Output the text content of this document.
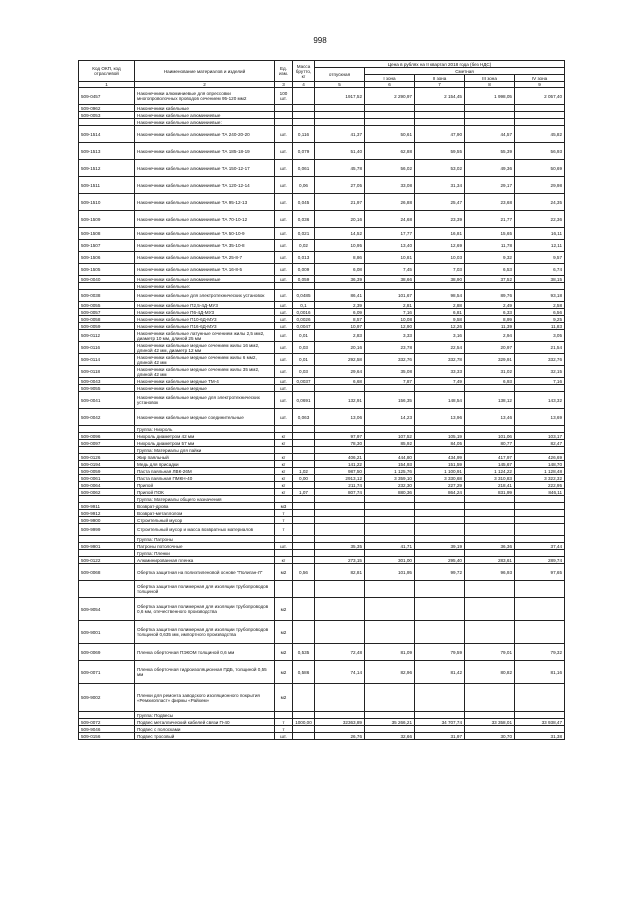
998
Код ОКП, код отраслевой	Наименование материалов и изделий	Ед. изм.	Масса брутто, кг	Цена в рублях на II квартал 2018 года (без НДС)				
				отпускная	Сметная			
					I зона	II зона	III зона	IV зона
1	2	3	4	5	6	7	8	9
509-0457	Наконечники алюминиевые для опрессовки многопроволочных проводов сечением 95-120 мм2	100 шт.		1917,52	2 290,97	2 154,45	1 998,05	2 057,40
509-0962	Наконечники кабельные							
509-0053	Наконечники кабельные алюминиевые							
	Наконечники кабельные алюминиевые:							
509-1514	Наконечники кабельные алюминиевые ТА 240-20-20	шт.	0,116	41,37	50,61	47,90	44,57	45,82
509-1513	Наконечники кабельные алюминиевые ТА 185-18-19	шт.	0,079	51,40	62,88	59,55	55,39	56,93
509-1512	Наконечники кабельные алюминиевые ТА 150-12-17	шт.	0,061	45,78	56,02	53,02	49,36	50,69
509-1511	Наконечники кабельные алюминиевые ТА 120-12-14	шт.	0,06	27,05	33,08	31,34	29,17	29,98
509-1510	Наконечники кабельные алюминиевые ТА 95-12-13	шт.	0,045	21,97	26,88	25,47	23,68	24,35
509-1509	Наконечники кабельные алюминиевые ТА 70-10-12	шт.	0,036	20,16	24,68	23,39	21,77	22,36
509-1508	Наконечники кабельные алюминиевые ТА 50-10-9	шт.	0,021	14,52	17,77	16,81	15,65	16,11
509-1507	Наконечники кабельные алюминиевые ТА 35-10-8	шт.	0,02	10,95	13,40	12,69	11,78	12,11
509-1506	Наконечники кабельные алюминиевые ТА 25-8-7	шт.	0,013	8,86	10,81	10,03	9,32	9,57
509-1505	Наконечники кабельные алюминиевые ТА 16-8-5	шт.	0,009	6,08	7,45	7,03	6,53	6,74
509-0040	Наконечники кабельные алюминиевые	шт.	0,059	36,39	38,66	38,90	37,52	38,15
	Наконечники кабельные:							
509-0038	Наконечники кабельные для электротехнических установок	шт.	0,0485	86,41	101,67	98,54	89,76	93,18
509-0055	Наконечники кабельные П2,5-4Д-МУ3	шт.	0,1	2,39	2,81	2,88	2,49	2,58
509-0057	Наконечники кабельные П6-4Д-МУ3	шт.	0,0016	6,09	7,16	6,81	6,33	6,56
509-0058	Наконечники кабельные П10-6Д-МУ3	шт.	0,0026	8,57	10,08	9,58	8,99	9,25
509-0059	Наконечники кабельные П16-6Д-МУ3	шт.	0,0047	10,97	12,90	12,26	11,39	11,83
509-0112	Наконечники кабельные латунные сечением жилы 2,5 мм2, диаметр 10 мм, длиной 25 мм	шт.	0,01	2,83	3,33	3,16	2,94	3,05
509-0116	Наконечники кабельные медные сечением жилы 16 мм2, длиной 42 мм, диаметр 12 мм	шт.	0,03	20,16	23,78	22,54	20,97	21,54
509-0114	Наконечники кабельные медные сечением жилы 6 мм2, длиной 42 мм	шт.	0,01	292,58	332,76	332,78	329,91	332,76
509-0118	Наконечники кабельные медные сечением жилы 35 мм2, длиной 42 мм	шт.	0,03	29,64	35,08	33,33	31,02	32,15
509-0043	Наконечники кабельные медные ТМ-4	шт.	0,0037	6,68	7,87	7,49	6,93	7,16
509-9055	Наконечники кабельные медные	шт.						
509-0041	Наконечники кабельные медные для электротехнических установок	шт.	0,0691	132,91	156,35	148,54	138,12	143,32
509-0042	Наконечники кабельные медные соединительные	шт.	0,063	13,06	14,23	13,96	13,46	13,69
	Группа: Нихроль							
509-0096	Нихроль диаметром 42 мм	кг		97,97	107,52	105,19	101,06	103,17
509-0097	Нихроль диаметром 57 мм	кг		78,30	85,92	84,05	80,77	82,47
	Группа: Материалы для пайки							
509-0126	Жир паяльный	кг		406,21	444,80	434,99	417,97	426,69
509-0194	Медь для присадки	кг		141,22	154,93	151,59	145,67	148,70
509-0059	Паста паяльная ЛВК-26М	кг	1,02	987,50	1 125,76	1 100,91	1 124,22	1 128,48
509-0061	Паста паяльная ПМКН-40	кг	0,00	2913,12	3 359,10	3 330,68	3 310,83	3 322,32
509-0064	Припой	кг		211,74	232,30	227,29	218,41	222,95
509-0062	Припой ПОК	кг	1,07	807,74	880,36	864,24	831,99	846,11
	Группа: Материалы общего назначения							
509-9911	Возврат-дрова	м3						
509-9912	Возврат-металлолом	т						
509-9900	Строительный мусор	т						
509-9999	Строительный мусор и масса возвратных материалов	т						
	Группа: Патроны							
509-9901	Патроны потолочные	шт.		35,35	41,71	39,19	36,36	37,44
	Группа: Пленки							
509-0122	Алюминированная пленка	кг		273,15	301,00	295,40	283,61	289,74
509-0068	Обертка защитная на полиэтиленовой основе "Полиган-Л"	м2	0,56	82,81	101,95	99,72	96,93	97,65
	Обертка защитная полимерная для изоляции трубопроводов толщиной							
509-9054	Обертка защитная полимерная для изоляции трубопроводов 0,6 мм, отечественного производства	м2						
509-9001	Обертка защитная полимерная для изоляции трубопроводов толщиной 0,635 мм, импортного производства	м2						
509-0069	Пленка оберточная ПЭКОМ толщиной 0,6 мм	м2	0,535	72,48	81,09	79,59	79,01	79,32
509-0071	Пленка оберточная гидроизоляционная ПДБ, толщиной 0,55 мм	м2	0,586	74,14	82,96	81,42	80,82	81,16
509-9002	Пленки для ремонта заводского изоляционного покрытия «Ремхиопласт» фирмы «Райхем»	м2						
	Группа: Подвесы							
509-0072	Подвес металлический кабелей связи П-40	т	1000,00	32363,89	35 266,21	34 707,74	33 358,01	33 938,47
509-9046	Подвес с полосками	т						
509-0156	Подвес тросовый	шт.		26,76	32,66	31,97	30,70	31,38
